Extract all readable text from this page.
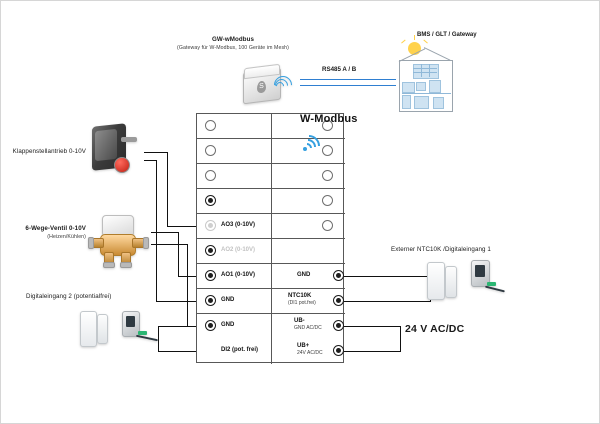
AO3 (0-10V)
AO2 (0-10V)
AO1 (0-10V)
GND
GND
DI2 (pot. frei)
GND
NTC10K
(DI1 pot.frei)
UB-
GND AC/DC
UB+
24V AC/DC
GW-wModbus
(Gateway für W-Modbus, 100 Geräte im Mesh)
S
RS485 A / B
W-Modbus
BMS / GLT / Gateway
Klappenstellantrieb 0-10V
6-Wege-Ventil 0-10V
(Heizen/Kühlen)
Digitaleingang 2 (potentialfrei)
Externer NTC10K /Digitaleingang 1
24 V AC/DC
